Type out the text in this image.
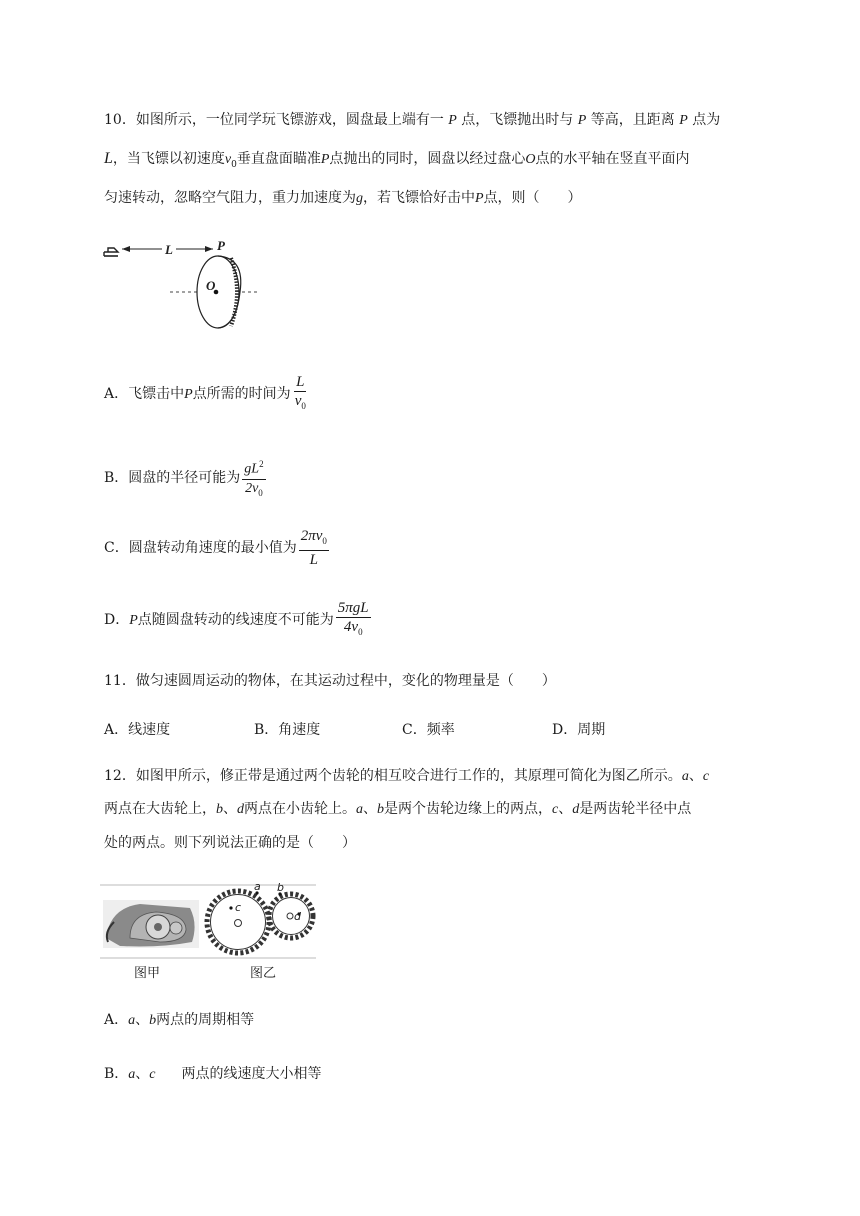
10．如图所示，一位同学玩飞镖游戏，圆盘最上端有一 P 点，飞镖抛出时与 P 等高，且距离 P 点为
L，当飞镖以初速度$v_0$垂直盘面瞄准P点抛出的同时，圆盘以经过盘心O点的水平轴在竖直平面内
匀速转动，忽略空气阻力，重力加速度为g，若飞镖恰好击中P点，则（　　）
L	P
O
A．飞镖击中P点所需的时间为 $\frac{L}{v_0}$
B．圆盘的半径可能为 $\frac{gL^2}{2v_0}$
C．圆盘转动角速度的最小值为 $\frac{2\pi v_0}{L}$
D．P点随圆盘转动的线速度不可能为 $\frac{\text{5πgL}}{4v_0}$
11．做匀速圆周运动的物体，在其运动过程中，变化的物理量是（　　）
A．线速度	B．角速度	C．频率	D．周期
12．如图甲所示，修正带是通过两个齿轮的相互咬合进行工作的，其原理可简化为图乙所示。a、c
两点在大齿轮上，b、d两点在小齿轮上。a、b是两个齿轮边缘上的两点，c、d是两齿轮半径中点
处的两点。则下列说法正确的是（　　）
a
c
b
d
图甲	图乙
A．a、b两点的周期相等
B．a、c 两点的线速度大小相等
